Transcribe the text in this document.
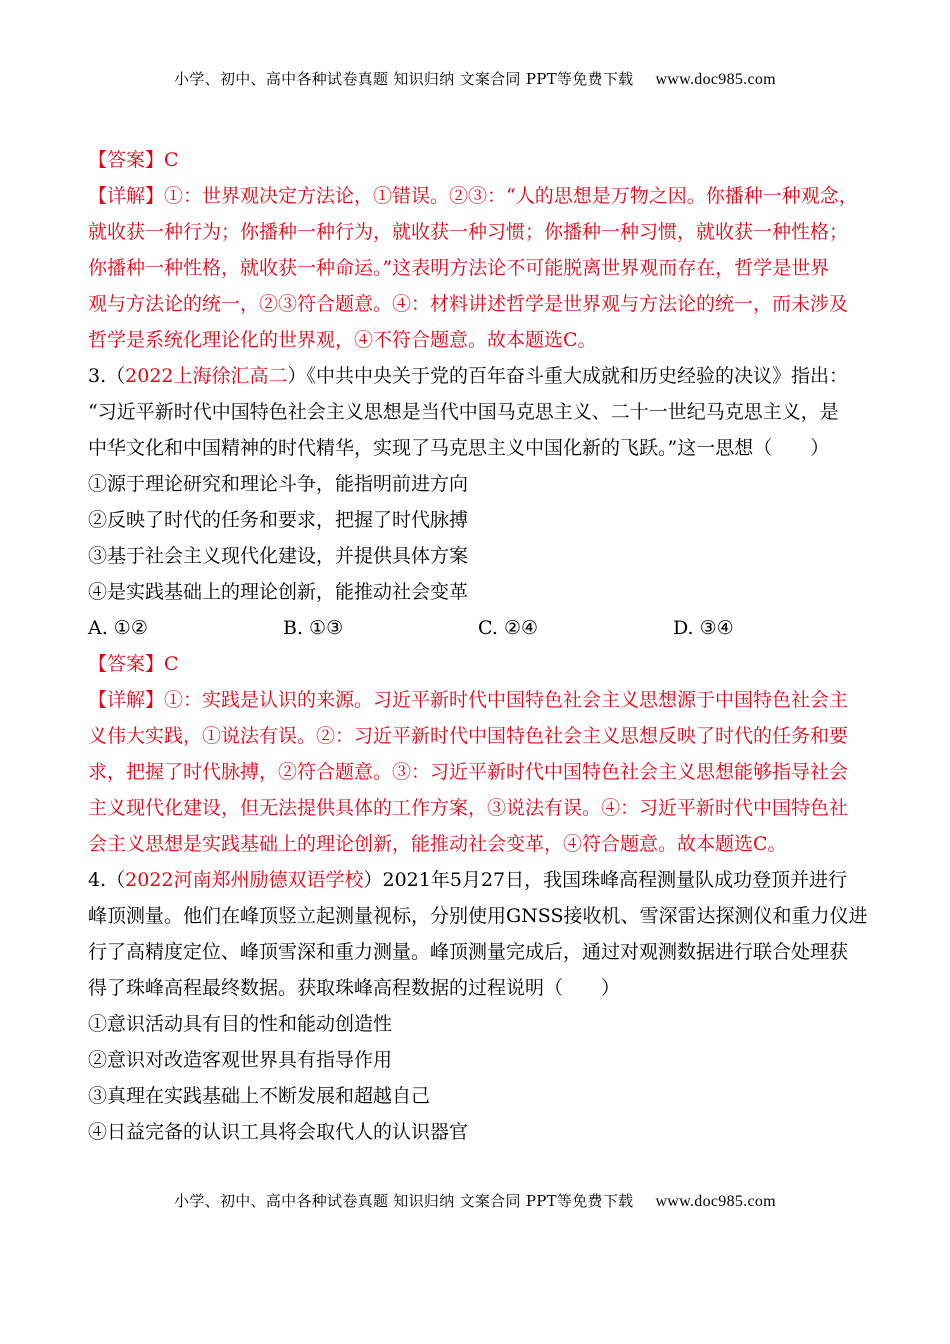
小学、初中、高中各种试卷真题 知识归纳 文案合同 PPT等免费下载 www.doc985.com
【答案】C
【详解】①：世界观决定方法论，①错误。②③：“人的思想是万物之因。你播种一种观念，
就收获一种行为；你播种一种行为，就收获一种习惯；你播种一种习惯，就收获一种性格；
你播种一种性格，就收获一种命运。”这表明方法论不可能脱离世界观而存在，哲学是世界
观与方法论的统一，②③符合题意。④：材料讲述哲学是世界观与方法论的统一，而未涉及
哲学是系统化理论化的世界观，④不符合题意。故本题选C。
3.（2022上海徐汇高二）《中共中央关于党的百年奋斗重大成就和历史经验的决议》指出：
“习近平新时代中国特色社会主义思想是当代中国马克思主义、二十一世纪马克思主义，是
中华文化和中国精神的时代精华，实现了马克思主义中国化新的飞跃。”这一思想（　　）
①源于理论研究和理论斗争，能指明前进方向
②反映了时代的任务和要求，把握了时代脉搏
③基于社会主义现代化建设，并提供具体方案
④是实践基础上的理论创新，能推动社会变革
A. ①②	B. ①③	C. ②④	D. ③④
【答案】C
【详解】①：实践是认识的来源。习近平新时代中国特色社会主义思想源于中国特色社会主
义伟大实践，①说法有误。②：习近平新时代中国特色社会主义思想反映了时代的任务和要
求，把握了时代脉搏，②符合题意。③：习近平新时代中国特色社会主义思想能够指导社会
主义现代化建设，但无法提供具体的工作方案，③说法有误。④：习近平新时代中国特色社
会主义思想是实践基础上的理论创新，能推动社会变革，④符合题意。故本题选C。
4.（2022河南郑州励德双语学校）2021年5月27日，我国珠峰高程测量队成功登顶并进行
峰顶测量。他们在峰顶竖立起测量视标，分别使用GNSS接收机、雪深雷达探测仪和重力仪进
行了高精度定位、峰顶雪深和重力测量。峰顶测量完成后，通过对观测数据进行联合处理获
得了珠峰高程最终数据。获取珠峰高程数据的过程说明（　　）
①意识活动具有目的性和能动创造性
②意识对改造客观世界具有指导作用
③真理在实践基础上不断发展和超越自己
④日益完备的认识工具将会取代人的认识器官
小学、初中、高中各种试卷真题 知识归纳 文案合同 PPT等免费下载 www.doc985.com
